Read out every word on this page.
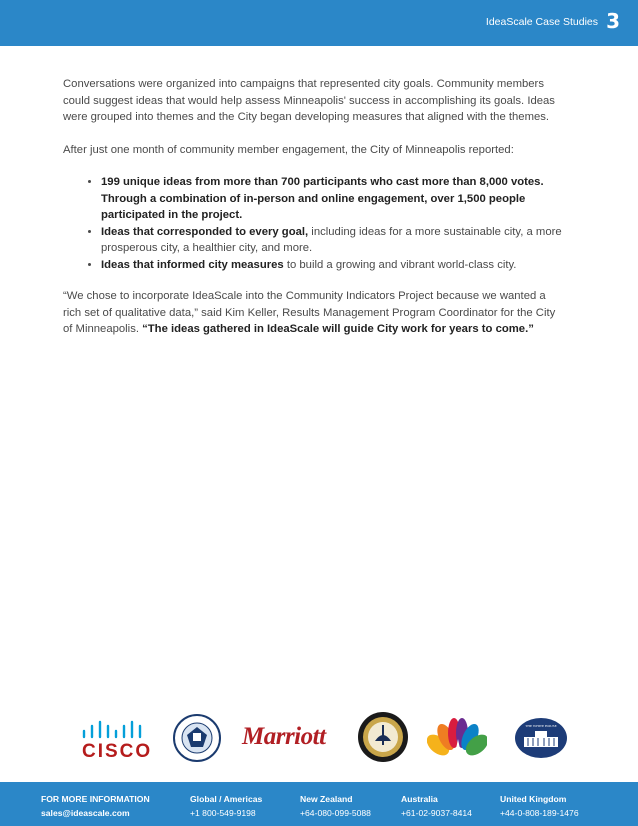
IdeaScale Case Studies 3

Conversations were organized into campaigns that represented city goals. Community members could suggest ideas that would help assess Minneapolis' success in accomplishing its goals. Ideas were grouped into themes and the City began developing measures that aligned with the themes.

After just one month of community member engagement, the City of Minneapolis reported:

• 199 unique ideas from more than 700 participants who cast more than 8,000 votes. Through a combination of in-person and online engagement, over 1,500 people participated in the project.
• Ideas that corresponded to every goal, including ideas for a more sustainable city, a more prosperous city, a healthier city, and more.
• Ideas that informed city measures to build a growing and vibrant world-class city.

“We chose to incorporate IdeaScale into the Community Indicators Project because we wanted a rich set of qualitative data,” said Kim Keller, Results Management Program Coordinator for the City of Minneapolis. “The ideas gathered in IdeaScale will guide City work for years to come.”

CISCO
Marriott	THE WHITE HOUSE
FOR MORE INFORMATION
sales@ideascale.com
Global / Americas
+1 800-549-9198
New Zealand
+64-080-099-5088
Australia
+61-02-9037-8414
United Kingdom
+44-0-808-189-1476
